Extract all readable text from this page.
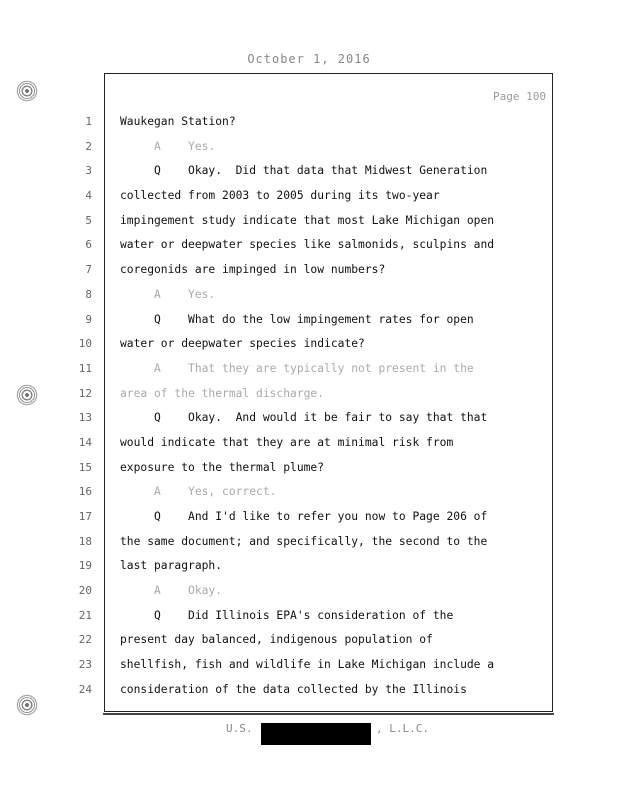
October 1, 2016
Page 100
1
2
3
4
5
6
7
8
9
10
11
12
13
14
15
16
17
18
19
20
21
22
23
24
Waukegan Station?
A    Yes.
Q    Okay.  Did that data that Midwest Generation
collected from 2003 to 2005 during its two-year
impingement study indicate that most Lake Michigan open
water or deepwater species like salmonids, sculpins and
coregonids are impinged in low numbers?
A    Yes.
Q    What do the low impingement rates for open
water or deepwater species indicate?
A    That they are typically not present in the
area of the thermal discharge.
Q    Okay.  And would it be fair to say that that
would indicate that they are at minimal risk from
exposure to the thermal plume?
A    Yes, correct.
Q    And I'd like to refer you now to Page 206 of
the same document; and specifically, the second to the
last paragraph.
A    Okay.
Q    Did Illinois EPA's consideration of the
present day balanced, indigenous population of
shellfish, fish and wildlife in Lake Michigan include a
consideration of the data collected by the Illinois
U.S.	, L.L.C.
